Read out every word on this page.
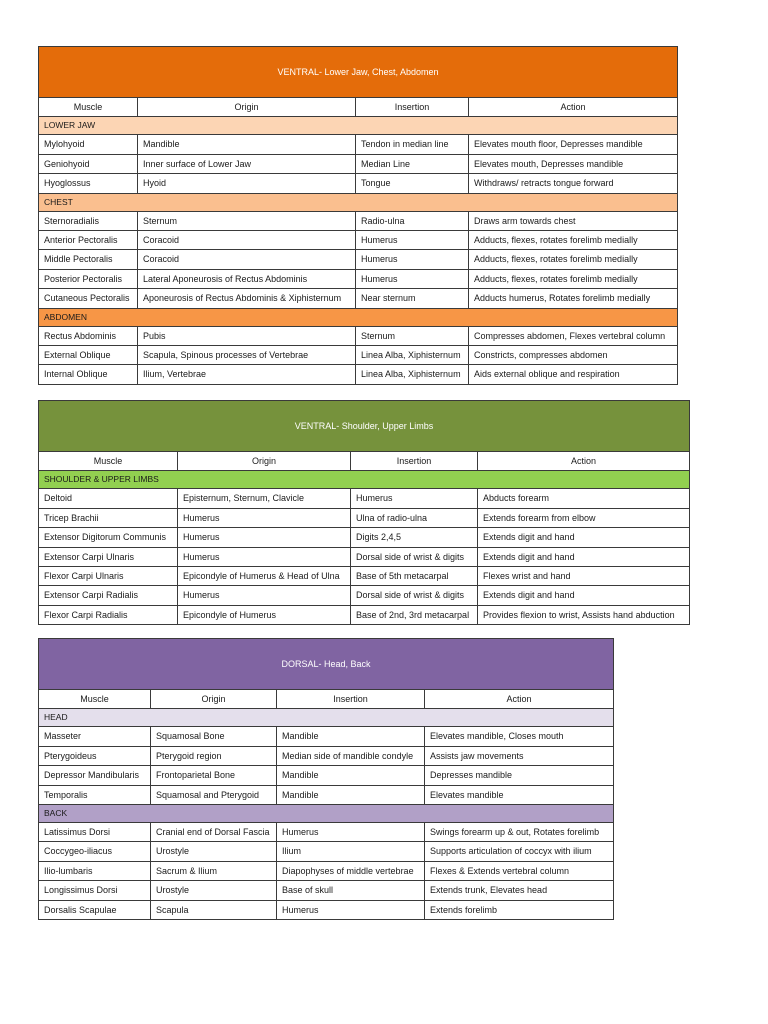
VENTRAL- Lower Jaw, Chest, Abdomen			
Muscle	Origin	Insertion	Action
LOWER JAW			
Mylohyoid	Mandible	Tendon in median line	Elevates mouth floor, Depresses mandible
Geniohyoid	Inner surface of Lower Jaw	Median Line	Elevates mouth, Depresses mandible
Hyoglossus	Hyoid	Tongue	Withdraws/ retracts tongue forward
CHEST			
Sternoradialis	Sternum	Radio-ulna	Draws arm towards chest
Anterior Pectoralis	Coracoid	Humerus	Adducts, flexes, rotates forelimb medially
Middle Pectoralis	Coracoid	Humerus	Adducts, flexes, rotates forelimb medially
Posterior Pectoralis	Lateral Aponeurosis of Rectus Abdominis	Humerus	Adducts, flexes, rotates forelimb medially
Cutaneous Pectoralis	Aponeurosis of Rectus Abdominis & Xiphisternum	Near sternum	Adducts humerus, Rotates forelimb medially
ABDOMEN			
Rectus Abdominis	Pubis	Sternum	Compresses abdomen, Flexes vertebral column
External Oblique	Scapula, Spinous processes of Vertebrae	Linea Alba, Xiphisternum	Constricts, compresses abdomen
Internal Oblique	Ilium, Vertebrae	Linea Alba, Xiphisternum	Aids external oblique and respiration
VENTRAL- Shoulder, Upper Limbs			
Muscle	Origin	Insertion	Action
SHOULDER & UPPER LIMBS			
Deltoid	Episternum, Sternum, Clavicle	Humerus	Abducts forearm
Tricep Brachii	Humerus	Ulna of radio-ulna	Extends forearm from elbow
Extensor Digitorum Communis	Humerus	Digits 2,4,5	Extends digit and hand
Extensor Carpi Ulnaris	Humerus	Dorsal side of wrist & digits	Extends digit and hand
Flexor Carpi Ulnaris	Epicondyle of Humerus & Head of Ulna	Base of 5th metacarpal	Flexes wrist and hand
Extensor Carpi Radialis	Humerus	Dorsal side of wrist & digits	Extends digit and hand
Flexor Carpi Radialis	Epicondyle of Humerus	Base of 2nd, 3rd metacarpal	Provides flexion to wrist, Assists hand abduction
DORSAL- Head, Back			
Muscle	Origin	Insertion	Action
HEAD			
Masseter	Squamosal Bone	Mandible	Elevates mandible, Closes mouth
Pterygoideus	Pterygoid region	Median side of mandible condyle	Assists jaw movements
Depressor Mandibularis	Frontoparietal Bone	Mandible	Depresses mandible
Temporalis	Squamosal and Pterygoid	Mandible	Elevates mandible
BACK			
Latissimus Dorsi	Cranial end of Dorsal Fascia	Humerus	Swings forearm up & out, Rotates forelimb
Coccygeo-iliacus	Urostyle	Ilium	Supports articulation of coccyx with ilium
Ilio-lumbaris	Sacrum & Ilium	Diapophyses of middle vertebrae	Flexes & Extends vertebral column
Longissimus Dorsi	Urostyle	Base of skull	Extends trunk, Elevates head
Dorsalis Scapulae	Scapula	Humerus	Extends forelimb
